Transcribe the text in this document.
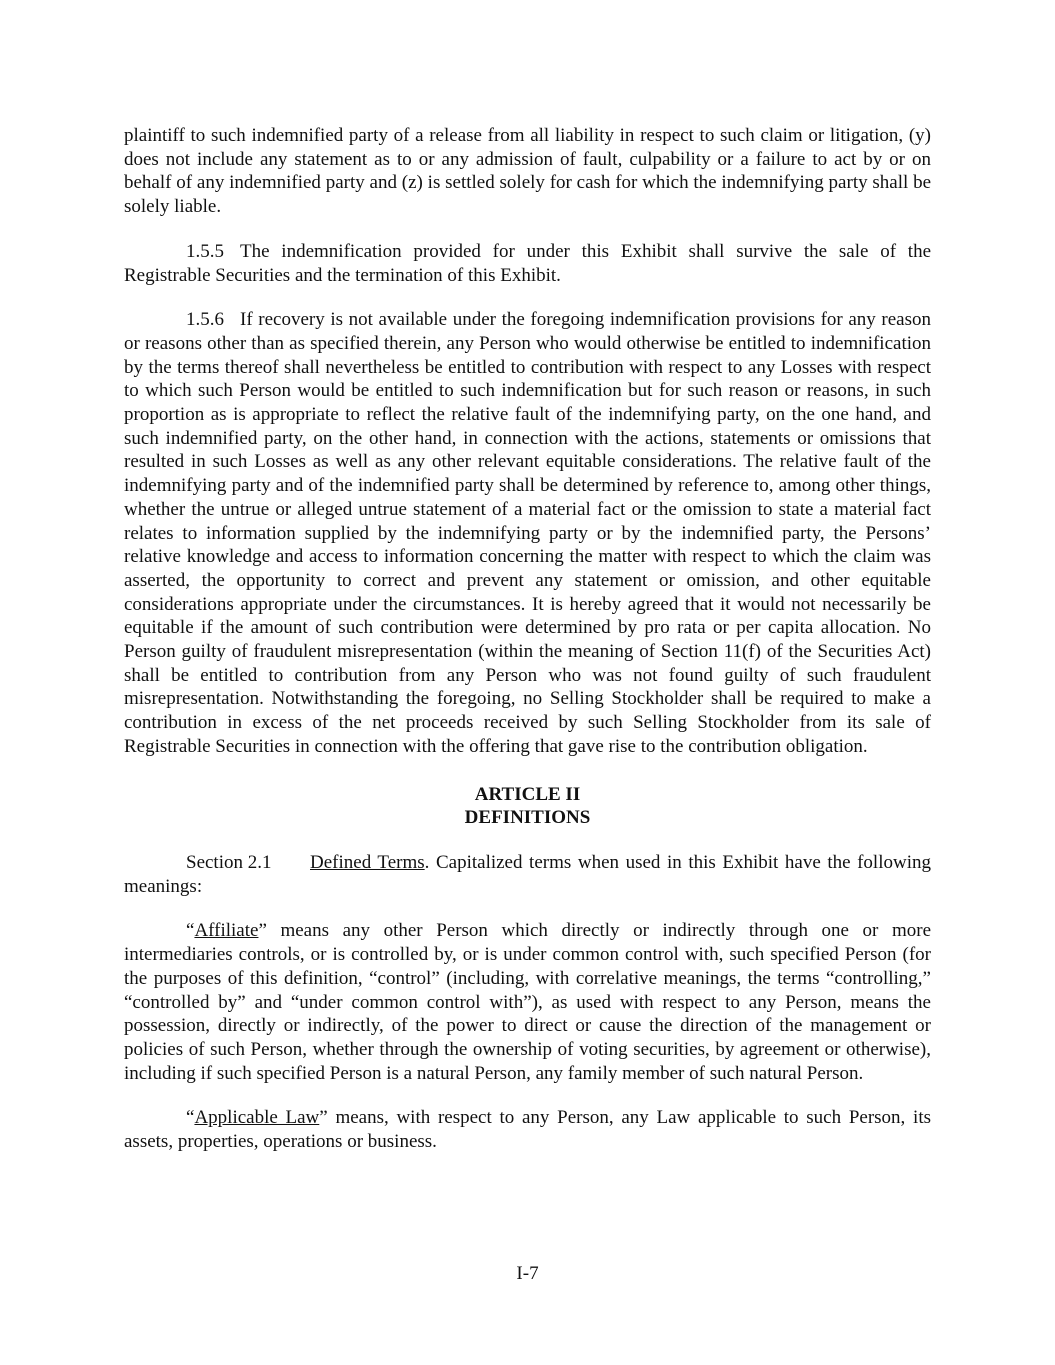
plaintiff to such indemnified party of a release from all liability in respect to such claim or litigation, (y) does not include any statement as to or any admission of fault, culpability or a failure to act by or on behalf of any indemnified party and (z) is settled solely for cash for which the indemnifying party shall be solely liable.

1.5.5 The indemnification provided for under this Exhibit shall survive the sale of the Registrable Securities and the termination of this Exhibit.

1.5.6 If recovery is not available under the foregoing indemnification provisions for any reason or reasons other than as specified therein, any Person who would otherwise be entitled to indemnification by the terms thereof shall nevertheless be entitled to contribution with respect to any Losses with respect to which such Person would be entitled to such indemnification but for such reason or reasons, in such proportion as is appropriate to reflect the relative fault of the indemnifying party, on the one hand, and such indemnified party, on the other hand, in connection with the actions, statements or omissions that resulted in such Losses as well as any other relevant equitable considerations. The relative fault of the indemnifying party and of the indemnified party shall be determined by reference to, among other things, whether the untrue or alleged untrue statement of a material fact or the omission to state a material fact relates to information supplied by the indemnifying party or by the indemnified party, the Persons’ relative knowledge and access to information concerning the matter with respect to which the claim was asserted, the opportunity to correct and prevent any statement or omission, and other equitable considerations appropriate under the circumstances. It is hereby agreed that it would not necessarily be equitable if the amount of such contribution were determined by pro rata or per capita allocation. No Person guilty of fraudulent misrepresentation (within the meaning of Section 11(f) of the Securities Act) shall be entitled to contribution from any Person who was not found guilty of such fraudulent misrepresentation. Notwithstanding the foregoing, no Selling Stockholder shall be required to make a contribution in excess of the net proceeds received by such Selling Stockholder from its sale of Registrable Securities in connection with the offering that gave rise to the contribution obligation.

ARTICLE II

DEFINITIONS

Section 2.1 Defined Terms. Capitalized terms when used in this Exhibit have the following meanings:

“Affiliate” means any other Person which directly or indirectly through one or more intermediaries controls, or is controlled by, or is under common control with, such specified Person (for the purposes of this definition, “control” (including, with correlative meanings, the terms “controlling,” “controlled by” and “under common control with”), as used with respect to any Person, means the possession, directly or indirectly, of the power to direct or cause the direction of the management or policies of such Person, whether through the ownership of voting securities, by agreement or otherwise), including if such specified Person is a natural Person, any family member of such natural Person.

“Applicable Law” means, with respect to any Person, any Law applicable to such Person, its assets, properties, operations or business.

I-7
